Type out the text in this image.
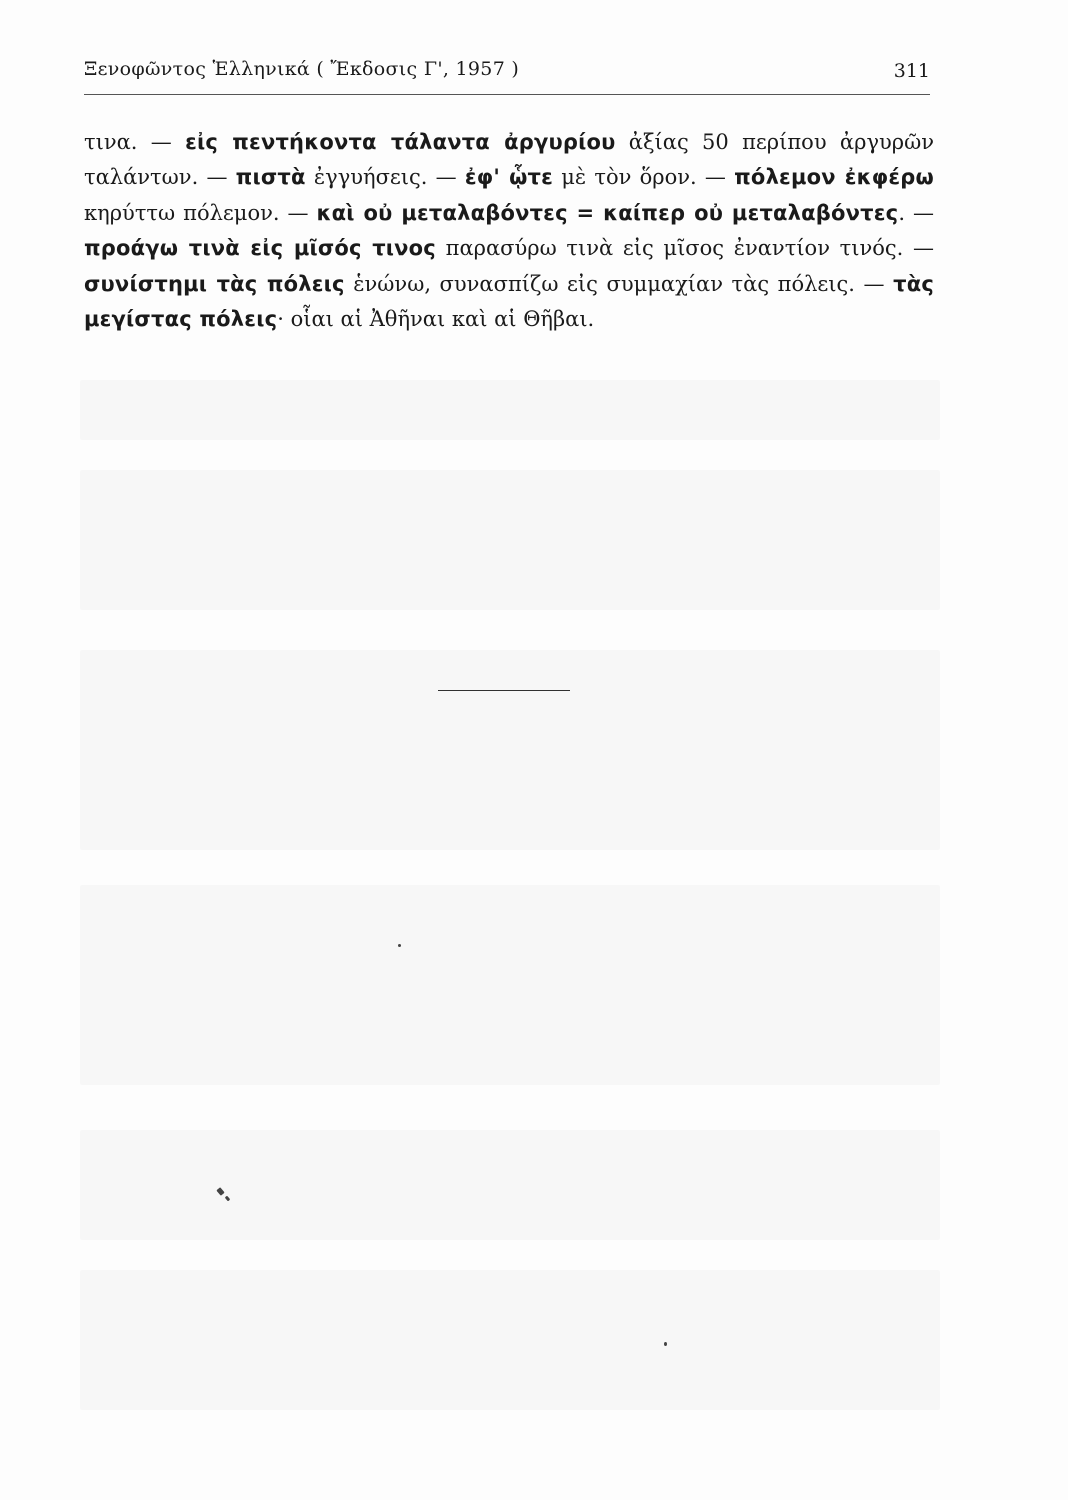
Ξενοφῶντος Ἑλληνικά ( Ἔκδοσις Γ', 1957 )	311
τινα. — εἰς πεντήκοντα τάλαντα ἀργυρίου ἀξίας 50 περίπου ἀργυρῶν ταλάντων. — πιστὰ ἐγγυήσεις. — ἐφ' ᾧτε μὲ τὸν ὅρον. — πόλεμον ἐκφέρω κηρύττω πόλεμον. — καὶ οὐ μεταλαβόντες = καίπερ οὐ μεταλαβόντες. — προάγω τινὰ εἰς μῖσός τινος παρασύρω τινὰ εἰς μῖσος ἐναντίον τινός. — συνίστημι τὰς πόλεις ἑνώνω, συνασπίζω εἰς συμμαχίαν τὰς πόλεις. — τὰς μεγίστας πόλεις· οἷαι αἱ Ἀθῆναι καὶ αἱ Θῆβαι.
